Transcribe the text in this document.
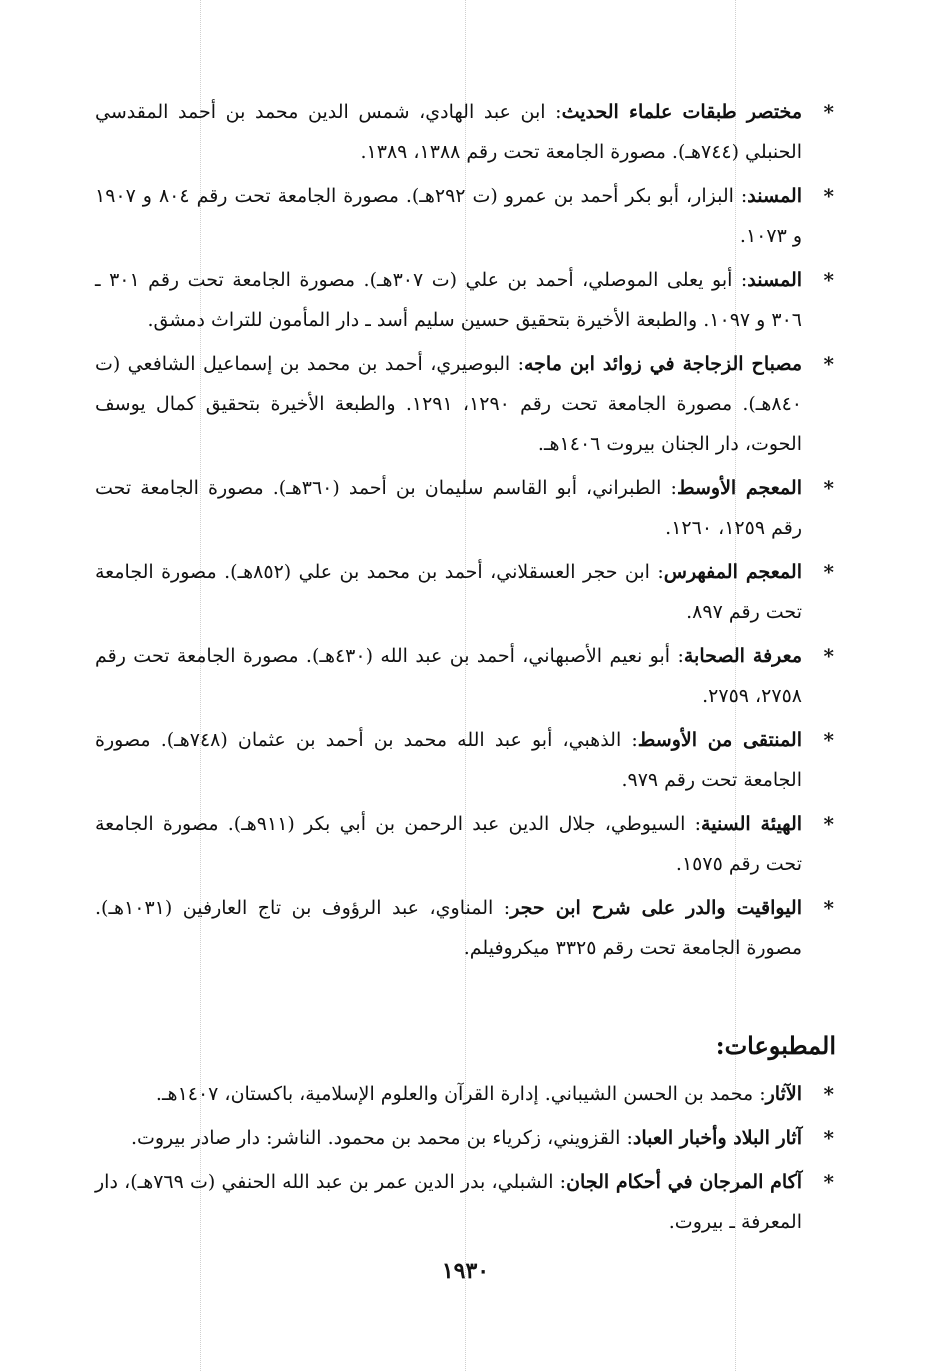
*
مختصر طبقات علماء الحديث: ابن عبد الهادي، شمس الدين محمد بن أحمد المقدسي الحنبلي (٧٤٤هـ). مصورة الجامعة تحت رقم ١٣٨٨، ١٣٨٩.
*
المسند: البزار، أبو بكر أحمد بن عمرو (ت ٢٩٢هـ). مصورة الجامعة تحت رقم ٨٠٤ و ١٩٠٧ و ١٠٧٣.
*
المسند: أبو يعلى الموصلي، أحمد بن علي (ت ٣٠٧هـ). مصورة الجامعة تحت رقم ٣٠١ ـ ٣٠٦ و ١٠٩٧. والطبعة الأخيرة بتحقيق حسين سليم أسد ـ دار المأمون للتراث دمشق.
*
مصباح الزجاجة في زوائد ابن ماجه: البوصيري، أحمد بن محمد بن إسماعيل الشافعي (ت ٨٤٠هـ). مصورة الجامعة تحت رقم ١٢٩٠، ١٢٩١. والطبعة الأخيرة بتحقيق كمال يوسف الحوت، دار الجنان بيروت ١٤٠٦هـ.
*
المعجم الأوسط: الطبراني، أبو القاسم سليمان بن أحمد (٣٦٠هـ). مصورة الجامعة تحت رقم ١٢٥٩، ١٢٦٠.
*
المعجم المفهرس: ابن حجر العسقلاني، أحمد بن محمد بن علي (٨٥٢هـ). مصورة الجامعة تحت رقم ٨٩٧.
*
معرفة الصحابة: أبو نعيم الأصبهاني، أحمد بن عبد الله (٤٣٠هـ). مصورة الجامعة تحت رقم ٢٧٥٨، ٢٧٥٩.
*
المنتقى من الأوسط: الذهبي، أبو عبد الله محمد بن أحمد بن عثمان (٧٤٨هـ). مصورة الجامعة تحت رقم ٩٧٩.
*
الهيئة السنية: السيوطي، جلال الدين عبد الرحمن بن أبي بكر (٩١١هـ). مصورة الجامعة تحت رقم ١٥٧٥.
*
اليواقيت والدر على شرح ابن حجر: المناوي، عبد الرؤوف بن تاج العارفين (١٠٣١هـ). مصورة الجامعة تحت رقم ٣٣٢٥ ميكروفيلم.
المطبوعات:
*
الآثار: محمد بن الحسن الشيباني. إدارة القرآن والعلوم الإسلامية، باكستان، ١٤٠٧هـ.
*
آثار البلاد وأخبار العباد: القزويني، زكرياء بن محمد بن محمود. الناشر: دار صادر بيروت.
*
آكام المرجان في أحكام الجان: الشبلي، بدر الدين عمر بن عبد الله الحنفي (ت ٧٦٩هـ)، دار المعرفة ـ بيروت.
١٩٣٠
